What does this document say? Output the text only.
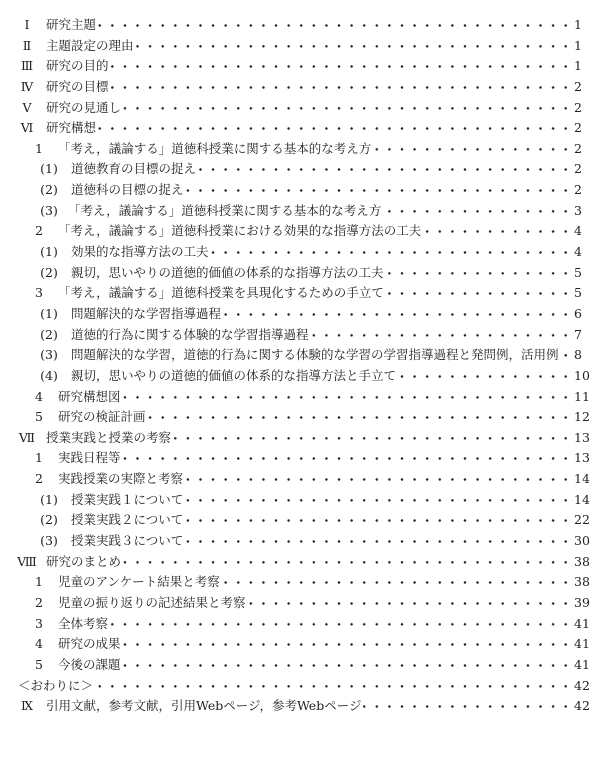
Ⅰ	研究主題	1
Ⅱ	主題設定の理由	1
Ⅲ	研究の目的	1
Ⅳ	研究の目標	2
Ⅴ	研究の見通し	2
Ⅵ	研究構想	2
1 「考え，議論する」道徳科授業に関する基本的な考え方	2
(1) 道徳教育の目標の捉え	2
(2) 道徳科の目標の捉え	2
(3) 「考え，議論する」道徳科授業に関する基本的な考え方	3
2 「考え，議論する」道徳科授業における効果的な指導方法の工夫	4
(1) 効果的な指導方法の工夫	4
(2) 親切，思いやりの道徳的価値の体系的な指導方法の工夫	5
3 「考え，議論する」道徳科授業を具現化するための手立て	5
(1) 問題解決的な学習指導過程	6
(2) 道徳的行為に関する体験的な学習指導過程	7
(3) 問題解決的な学習，道徳的行為に関する体験的な学習の学習指導過程と発問例，活用例 8
(4) 親切，思いやりの道徳的価値の体系的な指導方法と手立て	10
4 研究構想図	11
5 研究の検証計画	12
Ⅶ 授業実践と授業の考察	13
1 実践日程等	13
2 実践授業の実際と考察	14
(1) 授業実践１について	14
(2) 授業実践２について	22
(3) 授業実践３について	30
Ⅷ 研究のまとめ	38
1 児童のアンケート結果と考察	38
2 児童の振り返りの記述結果と考察	39
3 全体考察	41
4 研究の成果	41
5 今後の課題	41
＜おわりに＞	42
Ⅸ	引用文献，参考文献，引用Webページ，参考Webページ	42
